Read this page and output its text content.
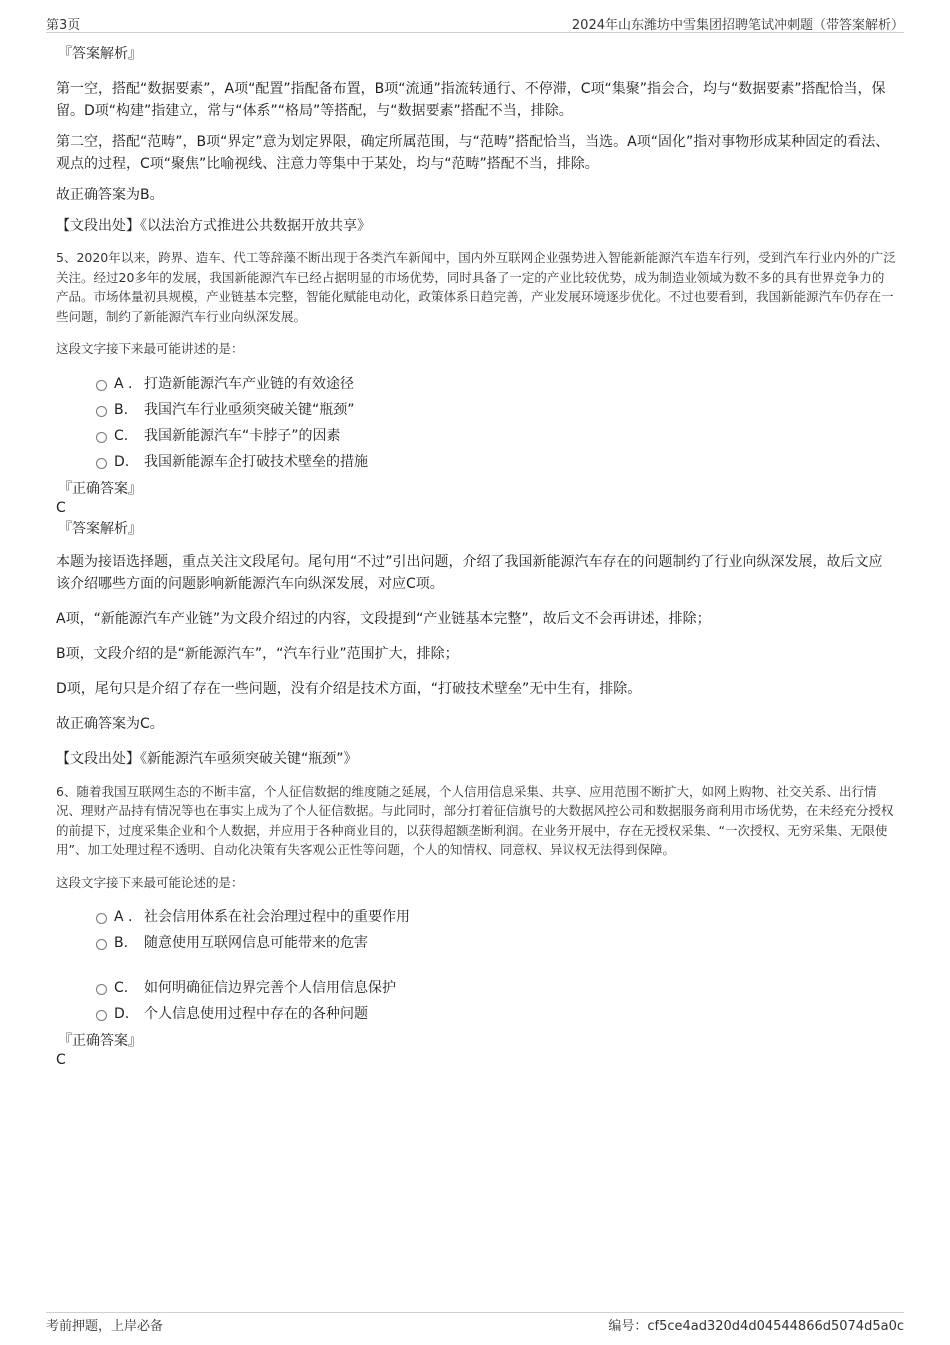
第3页	2024年山东潍坊中雪集团招聘笔试冲刺题（带答案解析）

『答案解析』

第一空，搭配“数据要素”，A项“配置”指配备布置，B项“流通”指流转通行、不停滞，C项“集聚”指会合，均与“数据要素”搭配恰当，保留。D项“构建”指建立，常与“体系”“格局”等搭配，与“数据要素”搭配不当，排除。

第二空，搭配“范畴”，B项“界定”意为划定界限，确定所属范围，与“范畴”搭配恰当，当选。A项“固化”指对事物形成某种固定的看法、观点的过程，C项“聚焦”比喻视线、注意力等集中于某处，均与“范畴”搭配不当，排除。

故正确答案为B。

【文段出处】《以法治方式推进公共数据开放共享》

5、2020年以来，跨界、造车、代工等辞藻不断出现于各类汽车新闻中，国内外互联网企业强势进入智能新能源汽车造车行列，受到汽车行业内外的广泛关注。经过20多年的发展，我国新能源汽车已经占据明显的市场优势，同时具备了一定的产业比较优势，成为制造业领域为数不多的具有世界竞争力的产品。市场体量初具规模，产业链基本完整，智能化赋能电动化，政策体系日趋完善，产业发展环境逐步优化。不过也要看到，我国新能源汽车仍存在一些问题，制约了新能源汽车行业向纵深发展。

这段文字接下来最可能讲述的是：

A . 打造新能源汽车产业链的有效途径
B. 我国汽车行业亟须突破关键“瓶颈”
C. 我国新能源汽车“卡脖子”的因素
D. 我国新能源车企打破技术壁垒的措施

『正确答案』

C

『答案解析』

本题为接语选择题，重点关注文段尾句。尾句用“不过”引出问题，介绍了我国新能源汽车存在的问题制约了行业向纵深发展，故后文应该介绍哪些方面的问题影响新能源汽车向纵深发展，对应C项。

A项，“新能源汽车产业链”为文段介绍过的内容，文段提到“产业链基本完整”，故后文不会再讲述，排除；

B项，文段介绍的是“新能源汽车”，“汽车行业”范围扩大，排除；

D项，尾句只是介绍了存在一些问题，没有介绍是技术方面，“打破技术壁垒”无中生有，排除。

故正确答案为C。

【文段出处】《新能源汽车亟须突破关键“瓶颈”》

6、随着我国互联网生态的不断丰富，个人征信数据的维度随之延展，个人信用信息采集、共享、应用范围不断扩大，如网上购物、社交关系、出行情况、理财产品持有情况等也在事实上成为了个人征信数据。与此同时，部分打着征信旗号的大数据风控公司和数据服务商利用市场优势，在未经充分授权的前提下，过度采集企业和个人数据，并应用于各种商业目的，以获得超额垄断利润。在业务开展中，存在无授权采集、“一次授权、无穷采集、无限使用”、加工处理过程不透明、自动化决策有失客观公正性等问题，个人的知情权、同意权、异议权无法得到保障。

这段文字接下来最可能论述的是：

A . 社会信用体系在社会治理过程中的重要作用
B. 随意使用互联网信息可能带来的危害
C. 如何明确征信边界完善个人信用信息保护
D. 个人信息使用过程中存在的各种问题

『正确答案』

C

考前押题，上岸必备	编号：cf5ce4ad320d4d04544866d5074d5a0c
